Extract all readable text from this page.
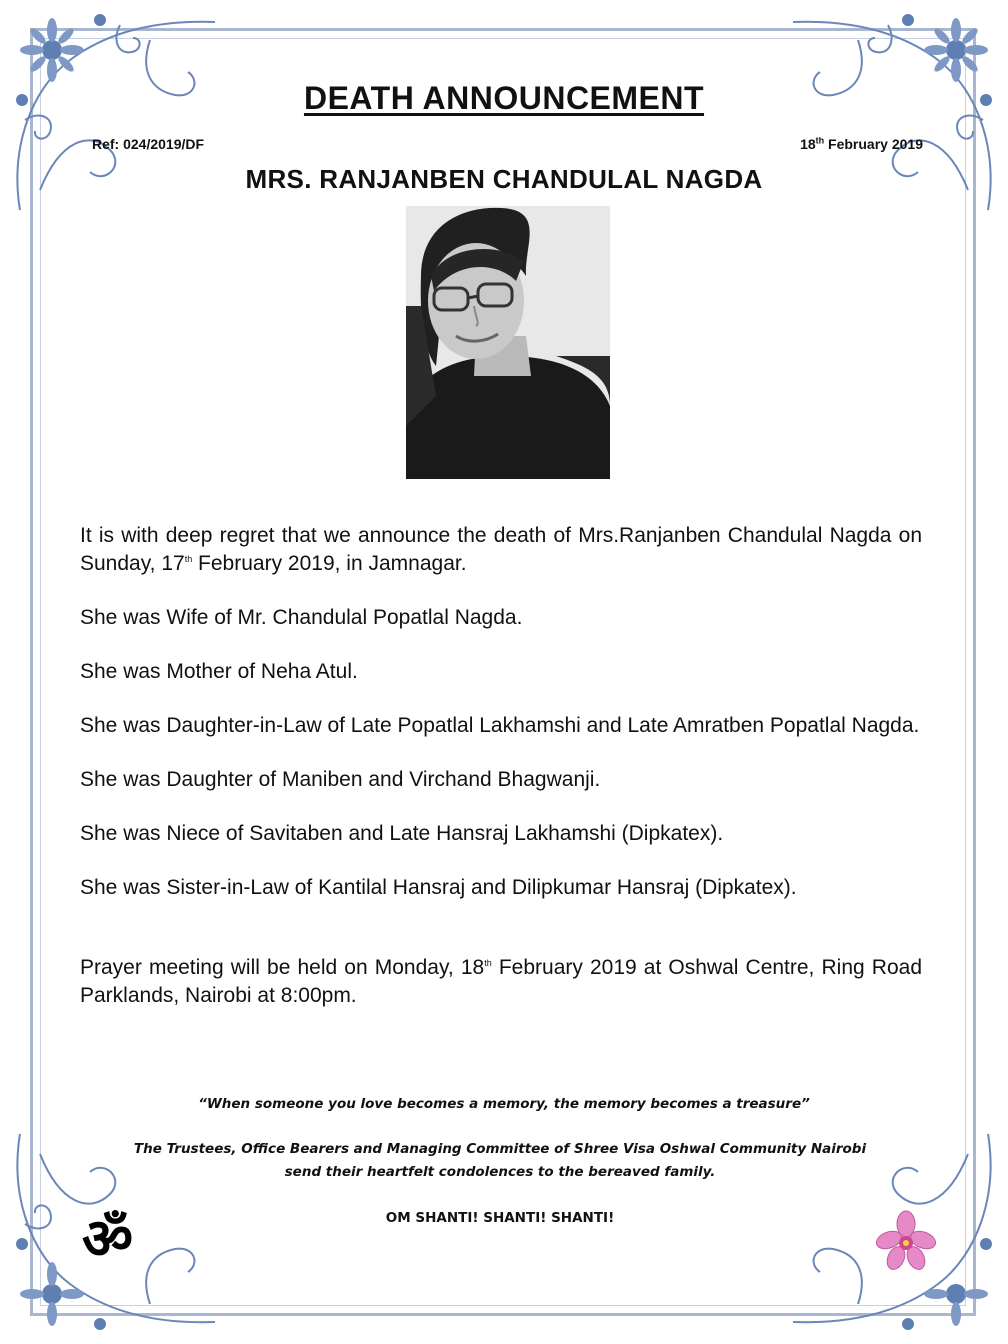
DEATH ANNOUNCEMENT
Ref: 024/2019/DF	18th February 2019
MRS. RANJANBEN CHANDULAL NAGDA

It is with deep regret that we announce the death of Mrs.Ranjanben Chandulal Nagda on Sunday, 17th February 2019, in Jamnagar.

She was Wife of Mr. Chandulal Popatlal Nagda.

She was Mother of Neha Atul.

She was Daughter-in-Law of Late Popatlal Lakhamshi and Late Amratben Popatlal Nagda.

She was Daughter of Maniben and Virchand Bhagwanji.

She was Niece of Savitaben and Late Hansraj Lakhamshi (Dipkatex).

She was Sister-in-Law of Kantilal Hansraj and Dilipkumar Hansraj (Dipkatex).

Prayer meeting will be held on Monday, 18th February 2019 at Oshwal Centre, Ring Road Parklands, Nairobi at 8:00pm.

“When someone you love becomes a memory, the memory becomes a treasure”
The Trustees, Office Bearers and Managing Committee of Shree Visa Oshwal Community Nairobi
send their heartfelt condolences to the bereaved family.
OM SHANTI! SHANTI! SHANTI!
ॐ
